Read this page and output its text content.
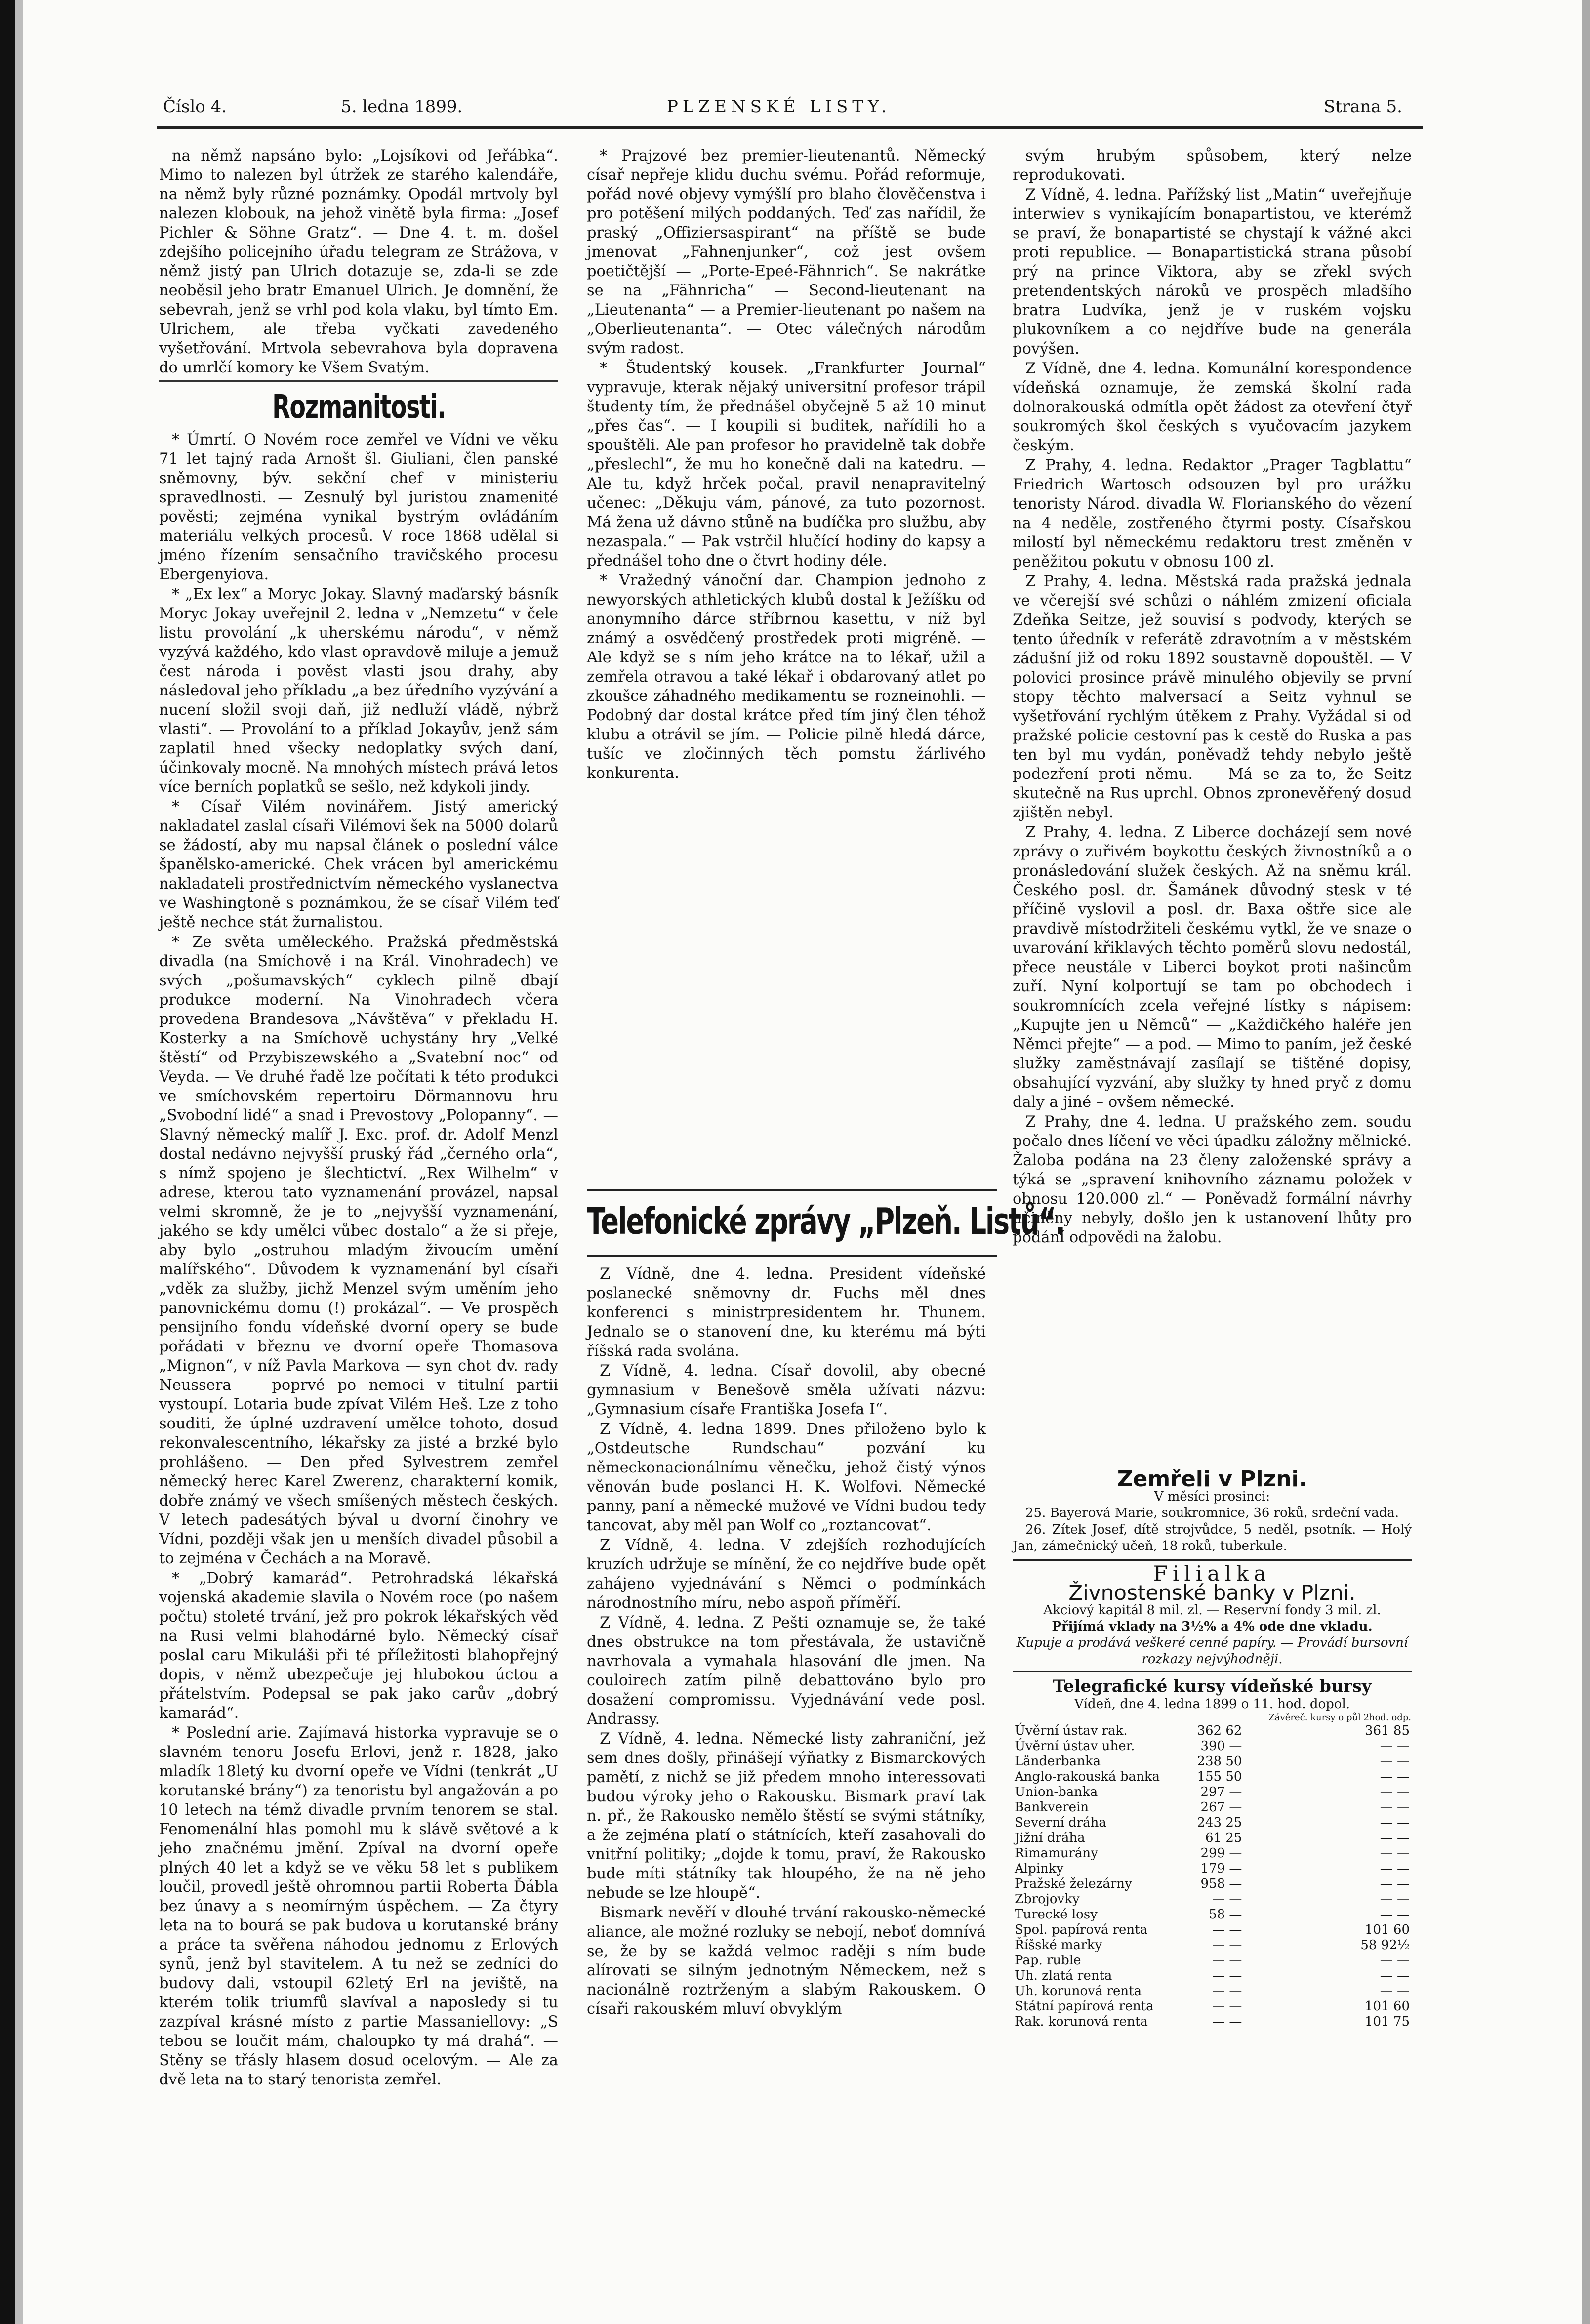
Číslo 4.	5. ledna 1899.	PLZENSKÉ LISTY.	Strana 5.

na němž napsáno bylo: „Lojsíkovi od Jeřábka“. Mimo to nalezen byl útržek ze starého kalendáře, na němž byly různé poznámky. Opodál mrtvoly byl nalezen klobouk, na jehož vinětě byla firma: „Josef Pichler & Söhne Gratz“. — Dne 4. t. m. došel zdejšího policejního úřadu telegram ze Strážova, v němž jistý pan Ulrich dotazuje se, zda-li se zde neoběsil jeho bratr Emanuel Ulrich. Je domnění, že sebevrah, jenž se vrhl pod kola vlaku, byl tímto Em. Ulrichem, ale třeba vyčkati zavedeného vyšetřování. Mrtvola sebevrahova byla dopravena do umrlčí komory ke Všem Svatým.

Rozmanitosti.

* Úmrtí. O Novém roce zemřel ve Vídni ve věku 71 let tajný rada Arnošt šl. Giuliani, člen panské sněmovny, býv. sekční chef v ministeriu spravedlnosti. — Zesnulý byl juristou znamenité pověsti; zejména vynikal bystrým ovládáním materiálu velkých procesů. V roce 1868 udělal si jméno řízením sensačního travičského procesu Ebergenyiova.

* „Ex lex“ a Moryc Jokay. Slavný maďarský básník Moryc Jokay uveřejnil 2. ledna v „Nemzetu“ v čele listu provolání „k uherskému národu“, v němž vyzývá každého, kdo vlast opravdově miluje a jemuž čest národa i pověst vlasti jsou drahy, aby následoval jeho příkladu „a bez úředního vyzývání a nucení složil svoji daň, již nedluží vládě, nýbrž vlasti“. — Provolání to a příklad Jokayův, jenž sám zaplatil hned všecky nedoplatky svých daní, účinkovaly mocně. Na mnohých místech prává letos více berních poplatků se sešlo, než kdykoli jindy.

* Císař Vilém novinářem. Jistý americký nakladatel zaslal císaři Vilémovi šek na 5000 dolarů se žádostí, aby mu napsal článek o poslední válce španělsko-americké. Chek vrácen byl americkému nakladateli prostřednictvím německého vyslanectva ve Washingtoně s poznámkou, že se císař Vilém teď ještě nechce stát žurnalistou.

* Ze světa uměleckého. Pražská předměstská divadla (na Smíchově i na Král. Vinohradech) ve svých „pošumavských“ cyklech pilně dbají produkce moderní. Na Vinohradech včera provedena Brandesova „Návštěva“ v překladu H. Kosterky a na Smíchově uchystány hry „Velké štěstí“ od Przybiszewského a „Svatební noc“ od Veyda. — Ve druhé řadě lze počítati k této produkci ve smíchovském repertoiru Dörmannovu hru „Svobodní lidé“ a snad i Prevostovy „Polopanny“. — Slavný německý malíř J. Exc. prof. dr. Adolf Menzl dostal nedávno nejvyšší pruský řád „černého orla“, s nímž spojeno je šlechtictví. „Rex Wilhelm“ v adrese, kterou tato vyznamenání provázel, napsal velmi skromně, že je to „nejvyšší vyznamenání, jakého se kdy umělci vůbec dostalo“ a že si přeje, aby bylo „ostruhou mladým živoucím umění malířského“. Důvodem k vyznamenání byl císaři „vděk za služby, jichž Menzel svým uměním jeho panovnickému domu (!) prokázal“. — Ve prospěch pensijního fondu vídeňské dvorní opery se bude pořádati v březnu ve dvorní opeře Thomasova „Mignon“, v níž Pavla Markova — syn chot dv. rady Neussera — poprvé po nemoci v titulní partii vystoupí. Lotaria bude zpívat Vilém Heš. Lze z toho souditi, že úplné uzdravení umělce tohoto, dosud rekonvalescentního, lékařsky za jisté a brzké bylo prohlášeno. — Den před Sylvestrem zemřel německý herec Karel Zwerenz, charakterní komik, dobře známý ve všech smíšených městech českých. V letech padesátých býval u dvorní činohry ve Vídni, později však jen u menších divadel působil a to zejména v Čechách a na Moravě.

* „Dobrý kamarád“. Petrohradská lékařská vojenská akademie slavila o Novém roce (po našem počtu) stoleté trvání, jež pro pokrok lékařských věd na Rusi velmi blahodárné bylo. Německý císař poslal caru Mikuláši při té příležitosti blahopřejný dopis, v němž ubezpečuje jej hlubokou úctou a přátelstvím. Podepsal se pak jako carův „dobrý kamarád“.

* Poslední arie. Zajímavá historka vypravuje se o slavném tenoru Josefu Erlovi, jenž r. 1828, jako mladík 18letý ku dvorní opeře ve Vídni (tenkrát „U korutanské brány“) za tenoristu byl angažován a po 10 letech na témž divadle prvním tenorem se stal. Fenomenální hlas pomohl mu k slávě světové a k jeho značnému jmění. Zpíval na dvorní opeře plných 40 let a když se ve věku 58 let s publikem loučil, provedl ještě ohromnou partii Roberta Ďábla bez únavy a s neomírným úspěchem. — Za čtyry leta na to bourá se pak budova u korutanské brány a práce ta svěřena náhodou jednomu z Erlových synů, jenž byl stavitelem. A tu než se zedníci do budovy dali, vstoupil 62letý Erl na jeviště, na kterém tolik triumfů slavíval a naposledy si tu zazpíval krásné místo z partie Massaniellovy: „S tebou se loučit mám, chaloupko ty má drahá“. — Stěny se třásly hlasem dosud ocelovým. — Ale za dvě leta na to starý tenorista zemřel.

* Prajzové bez premier-lieutenantů. Německý císař nepřeje klidu duchu svému. Pořád reformuje, pořád nové objevy vymýšlí pro blaho člověčenstva i pro potěšení milých poddaných. Teď zas nařídil, že praský „Offiziersaspirant“ na příště se bude jmenovat „Fahnenjunker“, což jest ovšem poetičtější — „Porte-Epeé-Fähnrich“. Se nakrátke se na „Fähnricha“ — Second-lieutenant na „Lieutenanta“ — a Premier-lieutenant po našem na „Oberlieutenanta“. — Otec válečných národům svým radost.

* Študentský kousek. „Frankfurter Journal“ vypravuje, kterak nějaký universitní profesor trápil študenty tím, že přednášel obyčejně 5 až 10 minut „přes čas“. — I koupili si buditek, nařídili ho a spouštěli. Ale pan profesor ho pravidelně tak dobře „přeslechl“, že mu ho konečně dali na katedru. — Ale tu, když hrček počal, pravil nenapravitelný učenec: „Děkuju vám, pánové, za tuto pozornost. Má žena už dávno stůně na budíčka pro službu, aby nezaspala.“ — Pak vstrčil hlučící hodiny do kapsy a přednášel toho dne o čtvrt hodiny déle.

* Vražedný vánoční dar. Champion jednoho z newyorských athletických klubů dostal k Ježíšku od anonymního dárce stříbrnou kasettu, v níž byl známý a osvědčený prostředek proti migréně. — Ale když se s ním jeho krátce na to lékař, užil a zemřela otravou a také lékař i obdarovaný atlet po zkoušce záhadného medikamentu se rozneinohli. — Podobný dar dostal krátce před tím jiný člen téhož klubu a otrávil se jím. — Policie pilně hledá dárce, tušíc ve zločinných těch pomstu žárlivého konkurenta.

Telefonické zprávy „Plzeň. Listů“.

Z Vídně, dne 4. ledna. President vídeňské poslanecké sněmovny dr. Fuchs měl dnes konferenci s ministrpresidentem hr. Thunem. Jednalo se o stanovení dne, ku kterému má býti říšská rada svolána.

Z Vídně, 4. ledna. Císař dovolil, aby obecné gymnasium v Benešově směla užívati názvu: „Gymnasium císaře Františka Josefa I“.

Z Vídně, 4. ledna 1899. Dnes přiloženo bylo k „Ostdeutsche Rundschau“ pozvání ku německonacionálnímu věnečku, jehož čistý výnos věnován bude poslanci H. K. Wolfovi. Německé panny, paní a německé mužové ve Vídni budou tedy tancovat, aby měl pan Wolf co „roztancovat“.

Z Vídně, 4. ledna. V zdejších rozhodujících kruzích udržuje se mínění, že co nejdříve bude opět zahájeno vyjednávání s Němci o podmínkách národnostního míru, nebo aspoň příměří.

Z Vídně, 4. ledna. Z Pešti oznamuje se, že také dnes obstrukce na tom přestávala, že ustavičně navrhovala a vymahala hlasování dle jmen. Na couloirech zatím pilně debattováno bylo pro dosažení compromissu. Vyjednávání vede posl. Andrassy.

Z Vídně, 4. ledna. Německé listy zahraniční, jež sem dnes došly, přinášejí výňatky z Bismarckových pamětí, z nichž se již předem mnoho interessovati budou výroky jeho o Rakousku. Bismark praví tak n. př., že Rakousko nemělo štěstí se svými státníky, a že zejména platí o státnících, kteří zasahovali do vnitřní politiky; „dojde k tomu, praví, že Rakousko bude míti státníky tak hloupého, že na ně jeho nebude se lze hloupě“.

Bismark nevěří v dlouhé trvání rakousko-německé aliance, ale možné rozluky se nebojí, neboť domnívá se, že by se každá velmoc raději s ním bude alírovati se silným jednotným Německem, než s nacionálně roztrženým a slabým Rakouskem. O císaři rakouském mluví obvyklým

svým hrubým spůsobem, který nelze reprodukovati.

Z Vídně, 4. ledna. Pařížský list „Matin“ uveřejňuje interwiev s vynikajícím bonapartistou, ve kterémž se praví, že bonapartisté se chystají k vážné akci proti republice. — Bonapartistická strana působí prý na prince Viktora, aby se zřekl svých pretendentských nároků ve prospěch mladšího bratra Ludvíka, jenž je v ruském vojsku plukovníkem a co nejdříve bude na generála povýšen.

Z Vídně, dne 4. ledna. Komunální korespondence vídeňská oznamuje, že zemská školní rada dolnorakouská odmítla opět žádost za otevření čtyř soukromých škol českých s vyučovacím jazykem českým.

Z Prahy, 4. ledna. Redaktor „Prager Tagblattu“ Friedrich Wartosch odsouzen byl pro urážku tenoristy Národ. divadla W. Florianského do vězení na 4 neděle, zostřeného čtyrmi posty. Císařskou milostí byl německému redaktoru trest změněn v peněžitou pokutu v obnosu 100 zl.

Z Prahy, 4. ledna. Městská rada pražská jednala ve včerejší své schůzi o náhlém zmizení oficiala Zdeňka Seitze, jež souvisí s podvody, kterých se tento úředník v referátě zdravotním a v městském zádušní již od roku 1892 soustavně dopouštěl. — V polovici prosince právě minulého objevily se první stopy těchto malversací a Seitz vyhnul se vyšetřování rychlým útěkem z Prahy. Vyžádal si od pražské policie cestovní pas k cestě do Ruska a pas ten byl mu vydán, poněvadž tehdy nebylo ještě podezření proti němu. — Má se za to, že Seitz skutečně na Rus uprchl. Obnos zpronevěřený dosud zjištěn nebyl.

Z Prahy, 4. ledna. Z Liberce docházejí sem nové zprávy o zuřivém boykottu českých živnostníků a o pronásledování služek českých. Až na sněmu král. Českého posl. dr. Šamánek důvodný stesk v té příčině vyslovil a posl. dr. Baxa oštře sice ale pravdivě místodržiteli českému vytkl, že ve snaze o uvarování křiklavých těchto poměrů slovu nedostál, přece neustále v Liberci boykot proti našincům zuří. Nyní kolportují se tam po obchodech i soukromnících zcela veřejné lístky s nápisem: „Kupujte jen u Němců“ — „Každičkého haléře jen Němci přejte“ — a pod. — Mimo to paním, jež české služky zaměstnávají zasílají se tištěné dopisy, obsahující vyzvání, aby služky ty hned pryč z domu daly a jiné – ovšem německé.

Z Prahy, dne 4. ledna. U pražského zem. soudu počalo dnes líčení ve věci úpadku záložny mělnické. Žaloba podána na 23 členy založenské správy a týká se „spravení knihovního záznamu položek v obnosu 120.000 zl.“ — Poněvadž formální návrhy učiněny nebyly, došlo jen k ustanovení lhůty pro podání odpovědi na žalobu.

Zemřeli v Plzni.
V měsíci prosinci:

25. Bayerová Marie, soukromnice, 36 roků, srdeční vada.

26. Zítek Josef, dítě strojvůdce, 5 neděl, psotník. — Holý Jan, zámečnický učeň, 18 roků, tuberkule.

Filialka
Živnostenské banky v Plzni.
Akciový kapitál 8 mil. zl. — Reservní fondy 3 mil. zl.
Přijímá vklady na 3½% a 4% ode dne vkladu.
Kupuje a prodává veškeré cenné papíry. — Provádí burs​ovní rozkazy nejvýhodněji.
Telegrafické kursy vídeňské bursy
Vídeň, dne 4. ledna 1899 o 11. hod. dopol.
		Závěreč. kursy o půl 2hod. odp.
Úvěrní ústav rak.	362 62	361 85
Úvěrní ústav uher.	390 —	— —
Länderbanka	238 50	— —
Anglo-rakouská banka	155 50	— —
Union-banka	297 —	— —
Bankverein	267 —	— —
Severní dráha	243 25	— —
Jižní dráha	61 25	— —
Rimamurány	299 —	— —
Alpinky	179 —	— —
Pražské železárny	958 —	— —
Zbrojovky	— —	— —
Turecké losy	58 —	— —
Spol. papírová renta	— —	101 60
Říšské marky	— —	58 92½
Pap. ruble	— —	— —
Uh. zlatá renta	— —	— —
Uh. korunová renta	— —	— —
Státní papírová renta	— —	101 60
Rak. korunová renta	— —	101 75
